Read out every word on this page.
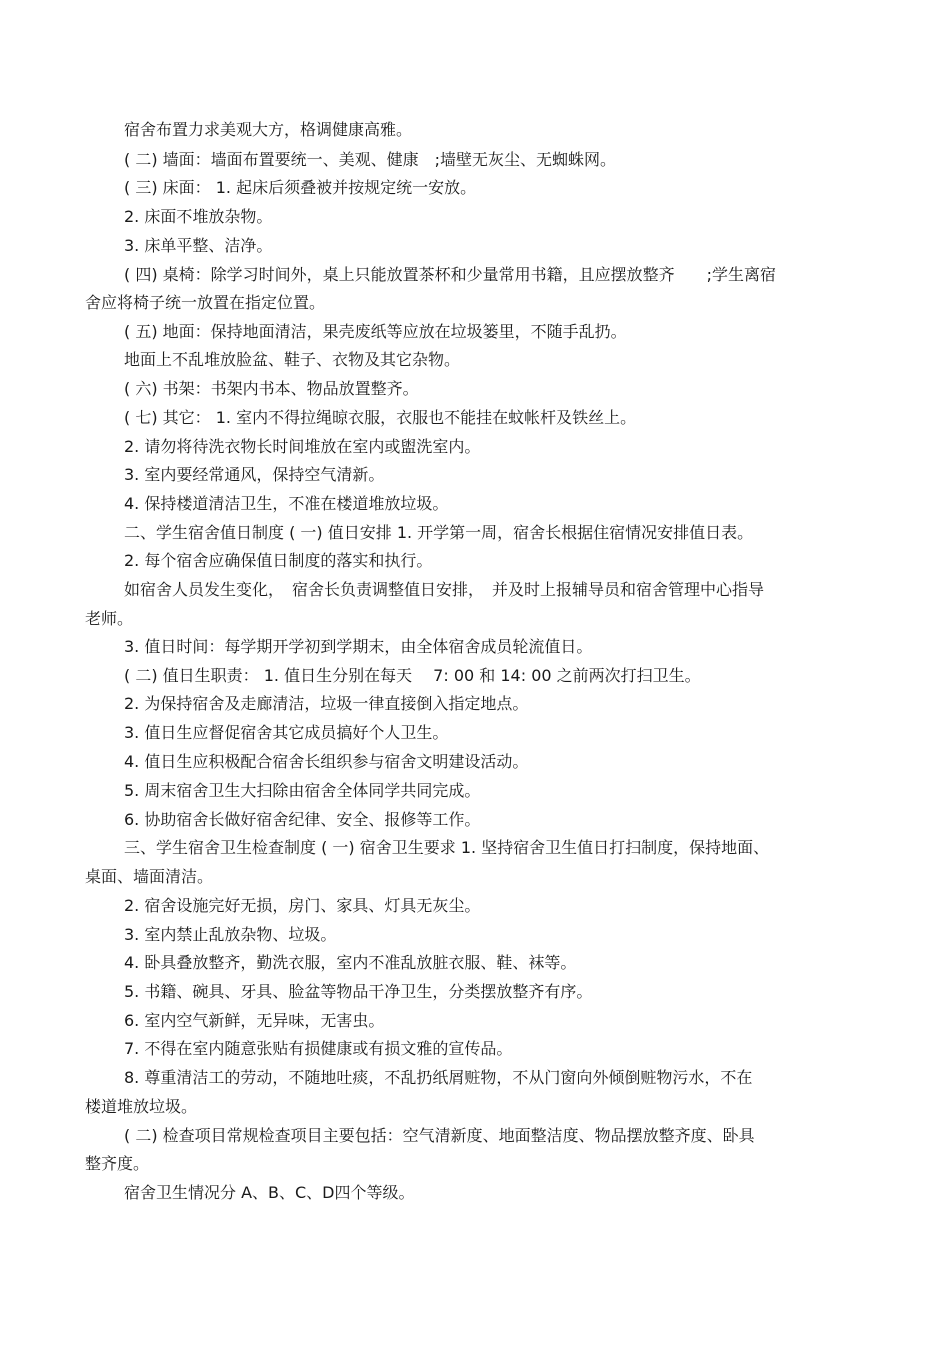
宿舍布置力求美观大方，格调健康高雅。
( 二) 墙面：墙面布置要统一、美观、健康　;墙壁无灰尘、无蜘蛛网。
( 三) 床面： 1. 起床后须叠被并按规定统一安放。
2. 床面不堆放杂物。
3. 床单平整、洁净。
( 四) 桌椅：除学习时间外，桌上只能放置茶杯和少量常用书籍，且应摆放整齐　　;学生离宿
舍应将椅子统一放置在指定位置。
( 五) 地面：保持地面清洁，果壳废纸等应放在垃圾篓里，不随手乱扔。
地面上不乱堆放脸盆、鞋子、衣物及其它杂物。
( 六) 书架：书架内书本、物品放置整齐。
( 七) 其它： 1. 室内不得拉绳晾衣服，衣服也不能挂在蚊帐杆及铁丝上。
2. 请勿将待洗衣物长时间堆放在室内或盥洗室内。
3. 室内要经常通风，保持空气清新。
4. 保持楼道清洁卫生，不准在楼道堆放垃圾。
二、学生宿舍值日制度 ( 一) 值日安排 1. 开学第一周，宿舍长根据住宿情况安排值日表。
2. 每个宿舍应确保值日制度的落实和执行。
如宿舍人员发生变化，　宿舍长负责调整值日安排，　并及时上报辅导员和宿舍管理中心指导
老师。
3. 值日时间：每学期开学初到学期末，由全体宿舍成员轮流值日。
( 二) 值日生职责： 1. 值日生分别在每天　 7: 00 和 14: 00 之前两次打扫卫生。
2. 为保持宿舍及走廊清洁，垃圾一律直接倒入指定地点。
3. 值日生应督促宿舍其它成员搞好个人卫生。
4. 值日生应积极配合宿舍长组织参与宿舍文明建设活动。
5. 周末宿舍卫生大扫除由宿舍全体同学共同完成。
6. 协助宿舍长做好宿舍纪律、安全、报修等工作。
三、学生宿舍卫生检查制度 ( 一) 宿舍卫生要求 1. 坚持宿舍卫生值日打扫制度，保持地面、
桌面、墙面清洁。
2. 宿舍设施完好无损，房门、家具、灯具无灰尘。
3. 室内禁止乱放杂物、垃圾。
4. 卧具叠放整齐，勤洗衣服，室内不准乱放脏衣服、鞋、袜等。
5. 书籍、碗具、牙具、脸盆等物品干净卫生，分类摆放整齐有序。
6. 室内空气新鲜，无异味，无害虫。
7. 不得在室内随意张贴有损健康或有损文雅的宣传品。
8. 尊重清洁工的劳动，不随地吐痰，不乱扔纸屑赃物，不从门窗向外倾倒赃物污水，不在
楼道堆放垃圾。
( 二) 检查项目常规检查项目主要包括：空气清新度、地面整洁度、物品摆放整齐度、卧具
整齐度。
宿舍卫生情况分 A、B、C、D四个等级。
